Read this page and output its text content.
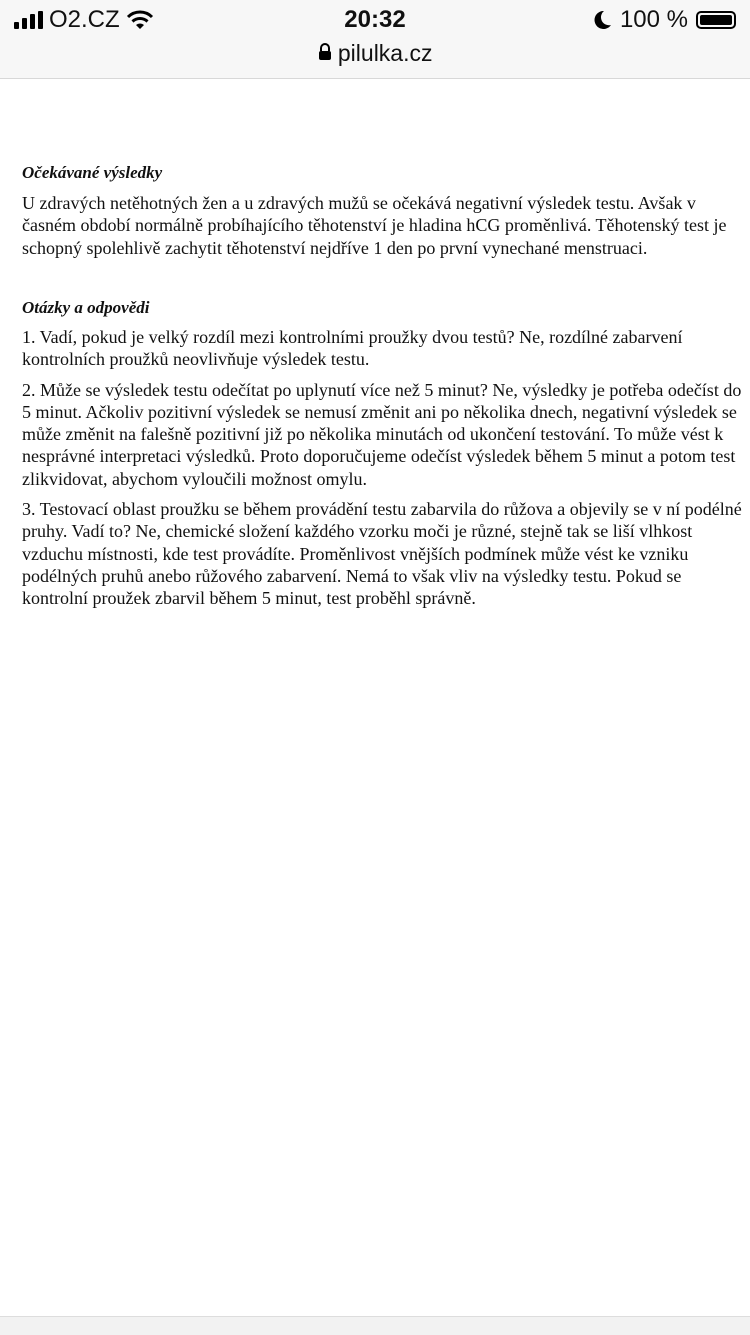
O2.CZ	20:32	100 %
pilulka.cz
Očekávané výsledky
U zdravých netěhotných žen a u zdravých mužů se očekává negativní výsledek testu. Avšak v
časném období normálně probíhajícího těhotenství je hladina hCG proměnlivá. Těhotenský test je
schopný spolehlivě zachytit těhotenství nejdříve 1 den po první vynechané menstruaci.
Otázky a odpovědi
1. Vadí, pokud je velký rozdíl mezi kontrolními proužky dvou testů? Ne, rozdílné zabarvení
kontrolních proužků neovlivňuje výsledek testu.
2. Může se výsledek testu odečítat po uplynutí více než 5 minut? Ne, výsledky je potřeba odečíst do
5 minut. Ačkoliv pozitivní výsledek se nemusí změnit ani po několika dnech, negativní výsledek se
může změnit na falešně pozitivní již po několika minutách od ukončení testování. To může vést k
nesprávné interpretaci výsledků. Proto doporučujeme odečíst výsledek během 5 minut a potom test
zlikvidovat, abychom vyloučili možnost omylu.
3. Testovací oblast proužku se během provádění testu zabarvila do růžova a objevily se v ní podélné
pruhy. Vadí to? Ne, chemické složení každého vzorku moči je různé, stejně tak se liší vlhkost
vzduchu místnosti, kde test provádíte. Proměnlivost vnějších podmínek může vést ke vzniku
podélných pruhů anebo růžového zabarvení. Nemá to však vliv na výsledky testu. Pokud se
kontrolní proužek zbarvil během 5 minut, test proběhl správně.
